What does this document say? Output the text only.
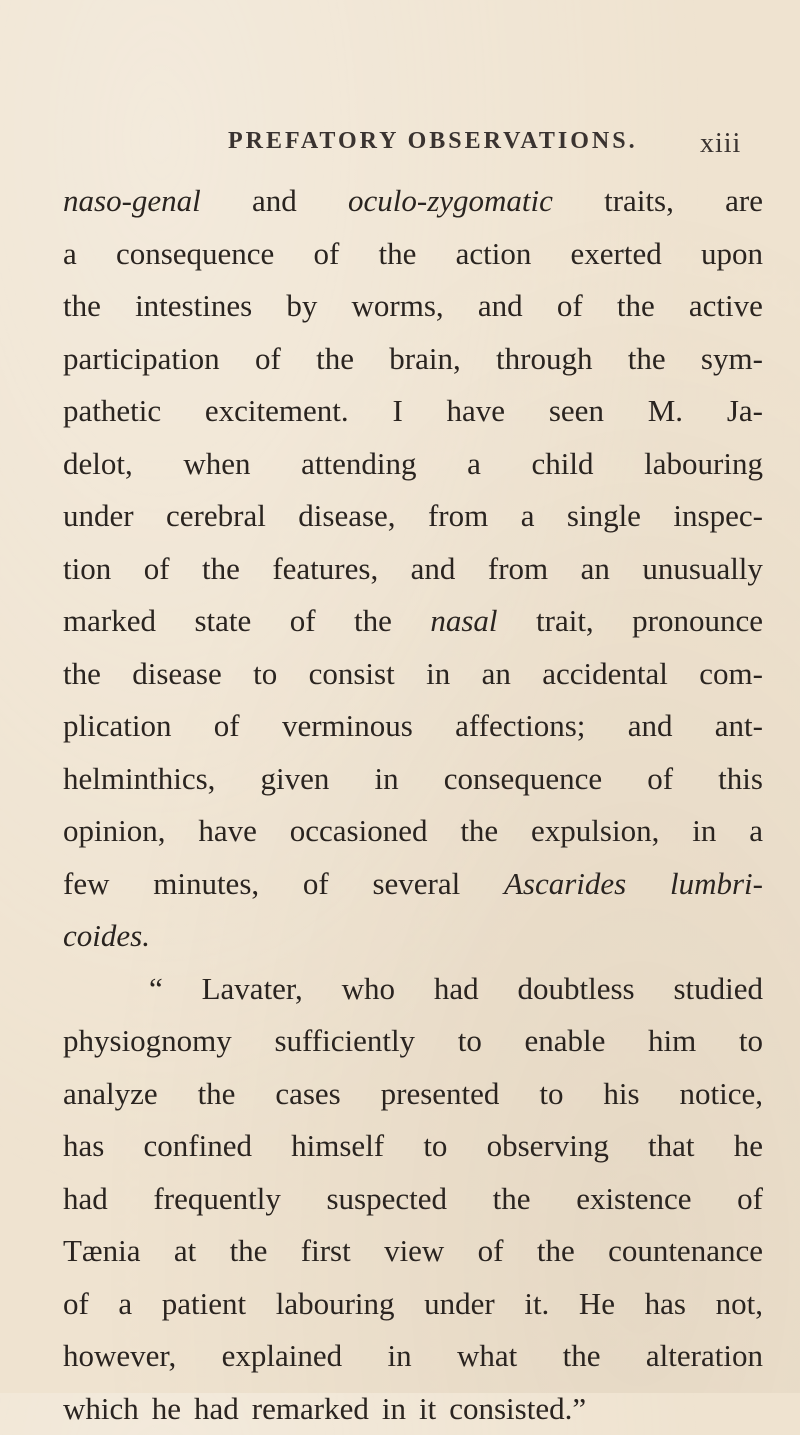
PREFATORY OBSERVATIONS. xiii
naso-genal and oculo-zygomatic traits, are
a consequence of the action exerted upon
the intestines by worms, and of the active
participation of the brain, through the sym-
pathetic excitement. I have seen M. Ja-
delot, when attending a child labouring
under cerebral disease, from a single inspec-
tion of the features, and from an unusually
marked state of the nasal trait, pronounce
the disease to consist in an accidental com-
plication of verminous affections; and ant-
helminthics, given in consequence of this
opinion, have occasioned the expulsion, in a
few minutes, of several Ascarides lumbri-
coides.
“ Lavater, who had doubtless studied
physiognomy sufficiently to enable him to
analyze the cases presented to his notice,
has confined himself to observing that he
had frequently suspected the existence of
Tænia at the first view of the countenance
of a patient labouring under it. He has not,
however, explained in what the alteration
which he had remarked in it consisted.”
